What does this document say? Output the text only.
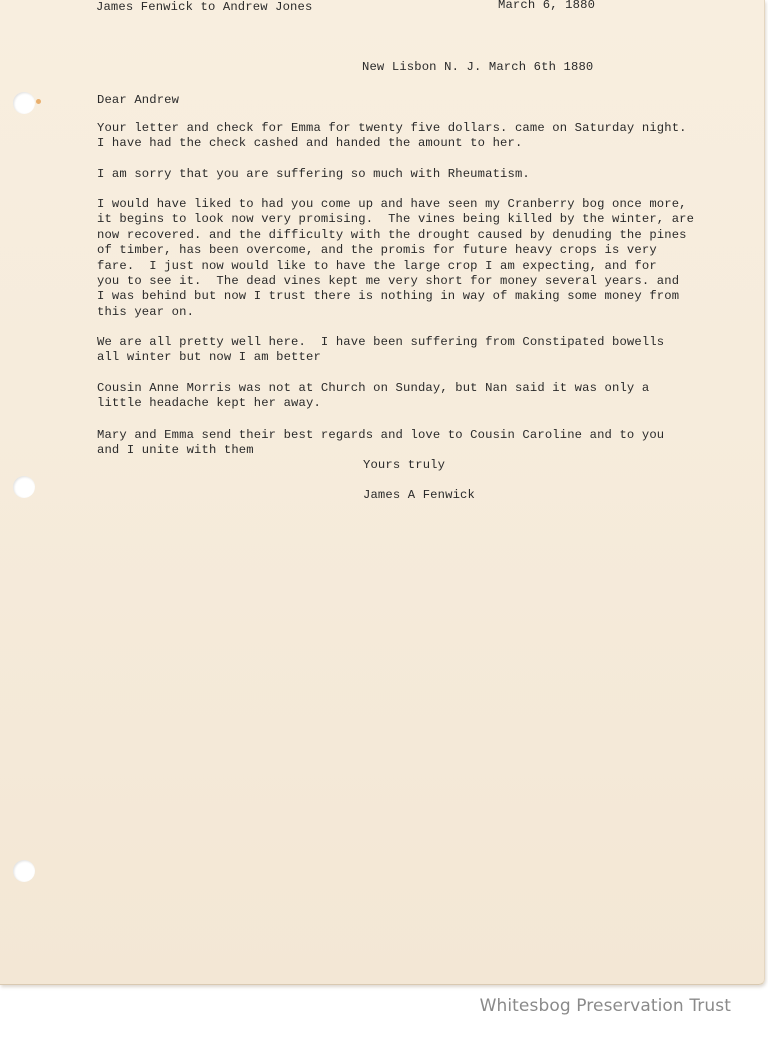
James Fenwick to Andrew Jones	March 6, 1880

New Lisbon N. J. March 6th 1880

Dear Andrew

Your letter and check for Emma for twenty five dollars. came on Saturday night.
I have had the check cashed and handed the amount to her.
I am sorry that you are suffering so much with Rheumatism.
I would have liked to had you come up and have seen my Cranberry bog once more,
it begins to look now very promising.  The vines being killed by the winter, are
now recovered. and the difficulty with the drought caused by denuding the pines
of timber, has been overcome, and the promis for future heavy crops is very
fare.  I just now would like to have the large crop I am expecting, and for
you to see it.  The dead vines kept me very short for money several years. and
I was behind but now I trust there is nothing in way of making some money from
this year on.
We are all pretty well here.  I have been suffering from Constipated bowells
all winter but now I am better
Cousin Anne Morris was not at Church on Sunday, but Nan said it was only a
little headache kept her away.
Mary and Emma send their best regards and love to Cousin Caroline and to you
and I unite with them

Yours truly

James A Fenwick

Whitesbog Preservation Trust
